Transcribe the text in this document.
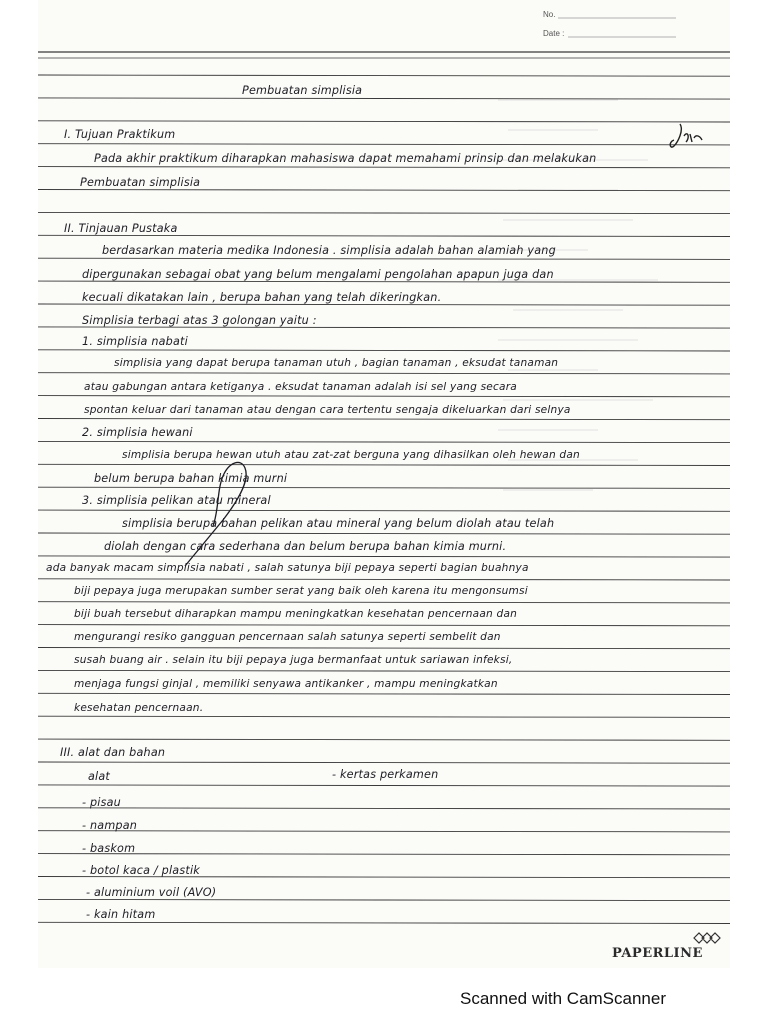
No.
Date :
Pembuatan simplisia
I. Tujuan Praktikum
Pada akhir praktikum diharapkan mahasiswa dapat memahami prinsip dan melakukan
Pembuatan simplisia
II. Tinjauan Pustaka
berdasarkan materia medika Indonesia . simplisia adalah bahan alamiah yang
dipergunakan sebagai obat yang belum mengalami pengolahan apapun juga dan
kecuali dikatakan lain , berupa bahan yang telah dikeringkan.
Simplisia terbagi atas 3 golongan yaitu :
1. simplisia nabati
simplisia yang dapat berupa tanaman utuh , bagian tanaman , eksudat tanaman
atau gabungan antara ketiganya . eksudat tanaman adalah isi sel yang secara
spontan keluar dari tanaman atau dengan cara tertentu sengaja dikeluarkan dari selnya
2. simplisia hewani
simplisia berupa hewan utuh atau zat-zat berguna yang dihasilkan oleh hewan dan
belum berupa bahan kimia murni
3. simplisia pelikan atau mineral
simplisia berupa bahan pelikan atau mineral yang belum diolah atau telah
diolah dengan cara sederhana dan belum berupa bahan kimia murni.
ada banyak macam simplisia nabati , salah satunya biji pepaya seperti bagian buahnya
biji pepaya juga merupakan sumber serat yang baik oleh karena itu mengonsumsi
biji buah tersebut diharapkan mampu meningkatkan kesehatan pencernaan dan
mengurangi resiko gangguan pencernaan salah satunya seperti sembelit dan
susah buang air . selain itu biji pepaya juga bermanfaat untuk sariawan infeksi,
menjaga fungsi ginjal , memiliki senyawa antikanker , mampu meningkatkan
kesehatan pencernaan.
III. alat dan bahan
alat	- kertas perkamen
- pisau
- nampan
- baskom
- botol kaca / plastik
- aluminium voil (AVO)
- kain hitam
PAPERLINE
Scanned with CamScanner
